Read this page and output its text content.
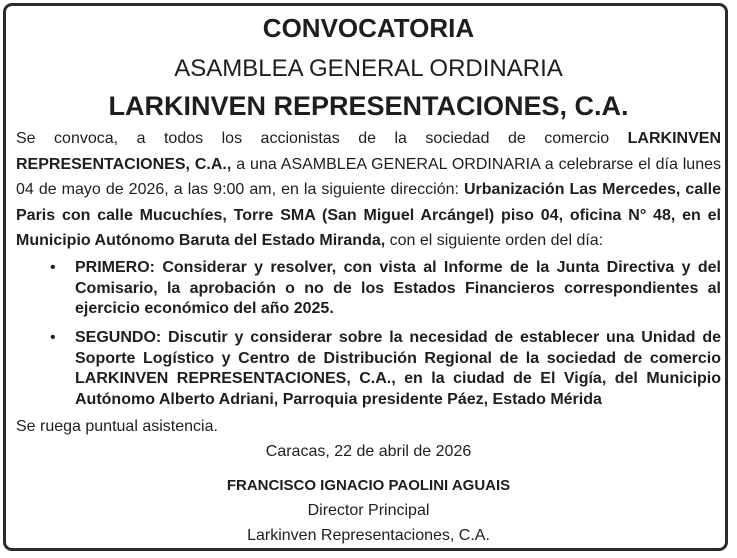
CONVOCATORIA
ASAMBLEA GENERAL ORDINARIA
LARKINVEN REPRESENTACIONES, C.A.
Se convoca, a todos los accionistas de la sociedad de comercio LARKINVEN REPRESENTACIONES, C.A., a una ASAMBLEA GENERAL ORDINARIA a celebrarse el día lunes 04 de mayo de 2026, a las 9:00 am, en la siguiente dirección: Urbanización Las Mercedes, calle Paris con calle Mucuchíes, Torre SMA (San Miguel Arcángel) piso 04, oficina N° 48, en el Municipio Autónomo Baruta del Estado Miranda, con el siguiente orden del día:
• PRIMERO: Considerar y resolver, con vista al Informe de la Junta Directiva y del Comisario, la aprobación o no de los Estados Financieros correspondientes al ejercicio económico del año 2025.
• SEGUNDO: Discutir y considerar sobre la necesidad de establecer una Unidad de Soporte Logístico y Centro de Distribución Regional de la sociedad de comercio LARKINVEN REPRESENTACIONES, C.A., en la ciudad de El Vigía, del Municipio Autónomo Alberto Adriani, Parroquia presidente Páez, Estado Mérida
Se ruega puntual asistencia.
Caracas, 22 de abril de 2026
FRANCISCO IGNACIO PAOLINI AGUAIS
Director Principal
Larkinven Representaciones, C.A.
